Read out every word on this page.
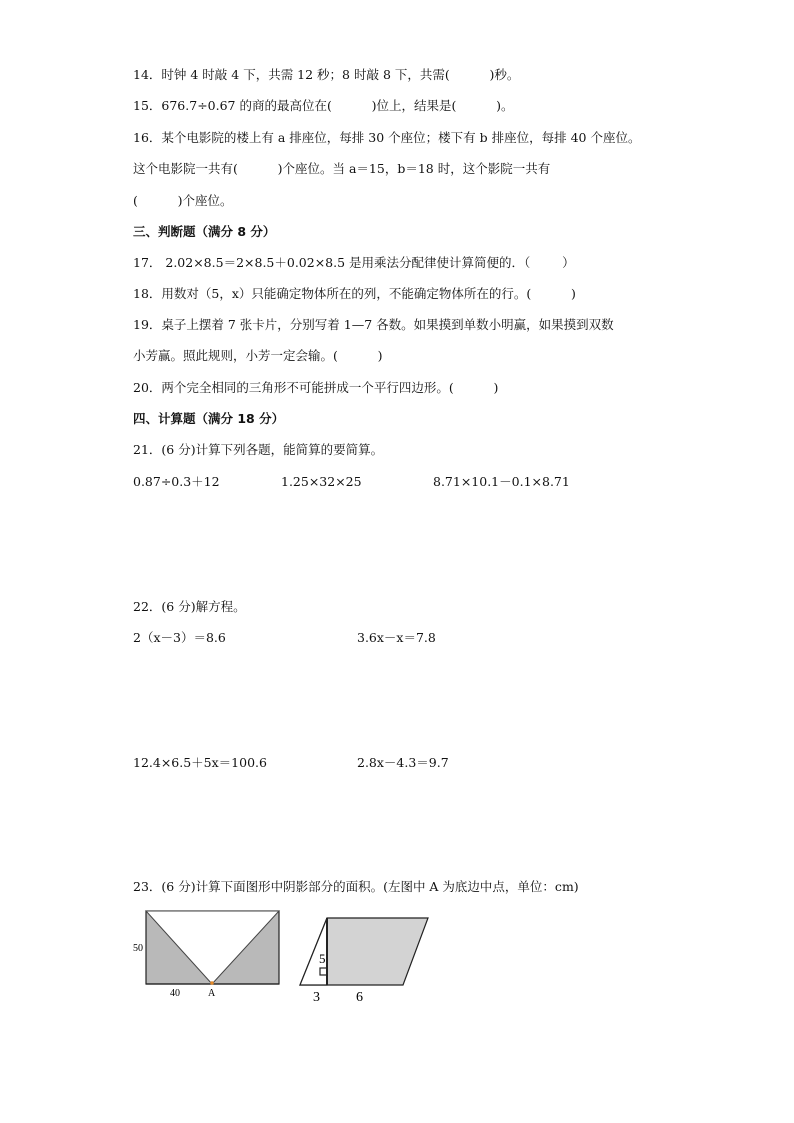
14．时钟 4 时敲 4 下，共需 12 秒；8 时敲 8 下，共需(          )秒。
15．676.7÷0.67 的商的最高位在(          )位上，结果是(          )。
16．某个电影院的楼上有 a 排座位，每排 30 个座位；楼下有 b 排座位，每排 40 个座位。
这个电影院一共有(          )个座位。当 a＝15，b＝18 时，这个影院一共有
(          )个座位。
三、判断题（满分 8 分）
17． 2.02×8.5＝2×8.5＋0.02×8.5 是用乘法分配律使计算简便的．（        ）
18．用数对（5，x）只能确定物体所在的列，不能确定物体所在的行。(          )
19．桌子上摆着 7 张卡片，分别写着 1—7 各数。如果摸到单数小明赢，如果摸到双数
小芳赢。照此规则，小芳一定会输。(          )
20．两个完全相同的三角形不可能拼成一个平行四边形。(          )
四、计算题（满分 18 分）
21．(6 分)计算下列各题，能简算的要简算。
0.87÷0.3＋12	1.25×32×25	8.71×10.1－0.1×8.71
22．(6 分)解方程。
2（x－3）＝8.6	3.6x－x＝7.8
12.4×6.5＋5x＝100.6	2.8x－4.3＝9.7
23．(6 分)计算下面图形中阴影部分的面积。(左图中 A 为底边中点，单位：cm)
50
40	A
5
3	6
